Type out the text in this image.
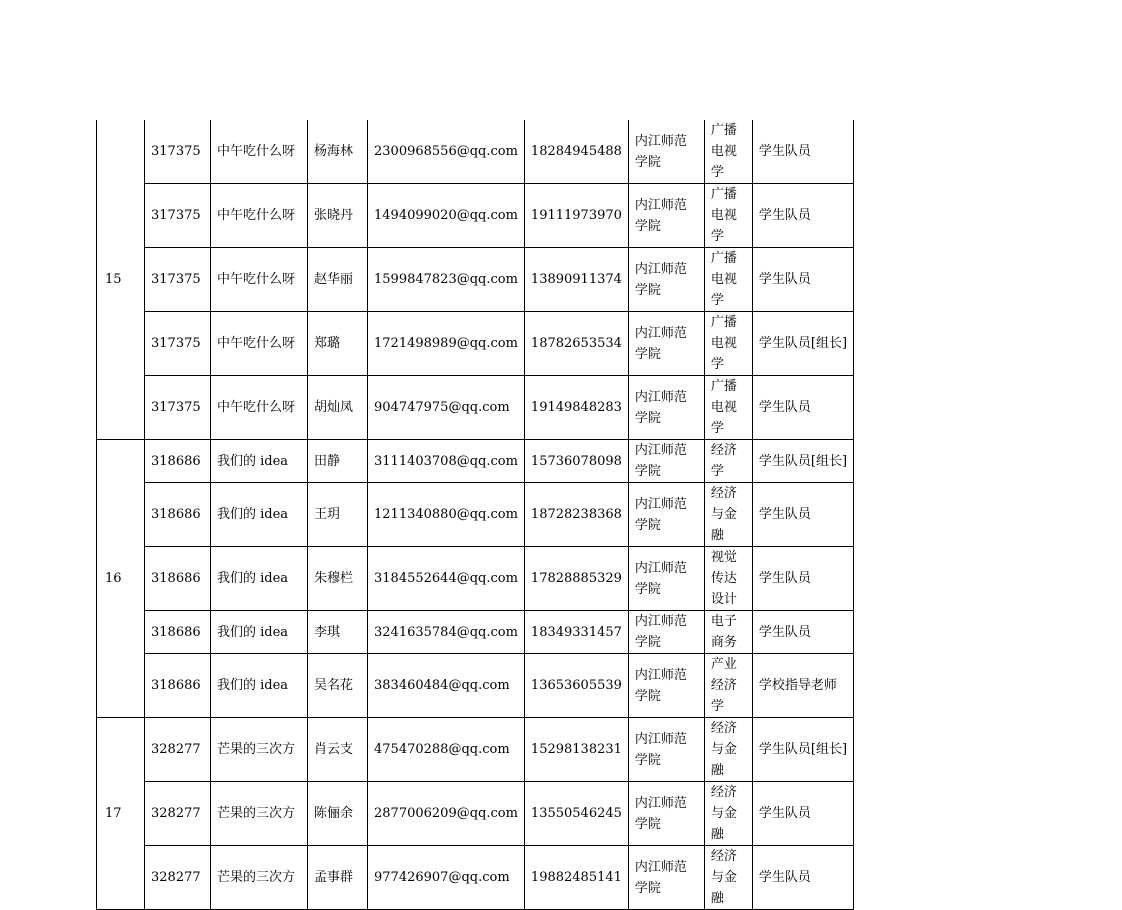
15	317375	中午吃什么呀	杨海林	2300968556@qq.com	18284945488	内江师范学院	广播电视学	学生队员
	317375	中午吃什么呀	张晓丹	1494099020@qq.com	19111973970	内江师范学院	广播电视学	学生队员
	317375	中午吃什么呀	赵华丽	1599847823@qq.com	13890911374	内江师范学院	广播电视学	学生队员
	317375	中午吃什么呀	郑璐	1721498989@qq.com	18782653534	内江师范学院	广播电视学	学生队员[组长]
	317375	中午吃什么呀	胡灿凤	904747975@qq.com	19149848283	内江师范学院	广播电视学	学生队员
16	318686	我们的 idea	田静	3111403708@qq.com	15736078098	内江师范学院	经济学	学生队员[组长]
	318686	我们的 idea	王玥	1211340880@qq.com	18728238368	内江师范学院	经济与金融	学生队员
	318686	我们的 idea	朱穆栏	3184552644@qq.com	17828885329	内江师范学院	视觉传达设计	学生队员
	318686	我们的 idea	李琪	3241635784@qq.com	18349331457	内江师范学院	电子商务	学生队员
	318686	我们的 idea	吴名花	383460484@qq.com	13653605539	内江师范学院	产业经济学	学校指导老师
17	328277	芒果的三次方	肖云支	475470288@qq.com	15298138231	内江师范学院	经济与金融	学生队员[组长]
	328277	芒果的三次方	陈俪余	2877006209@qq.com	13550546245	内江师范学院	经济与金融	学生队员
	328277	芒果的三次方	孟事群	977426907@qq.com	19882485141	内江师范学院	经济与金融	学生队员
